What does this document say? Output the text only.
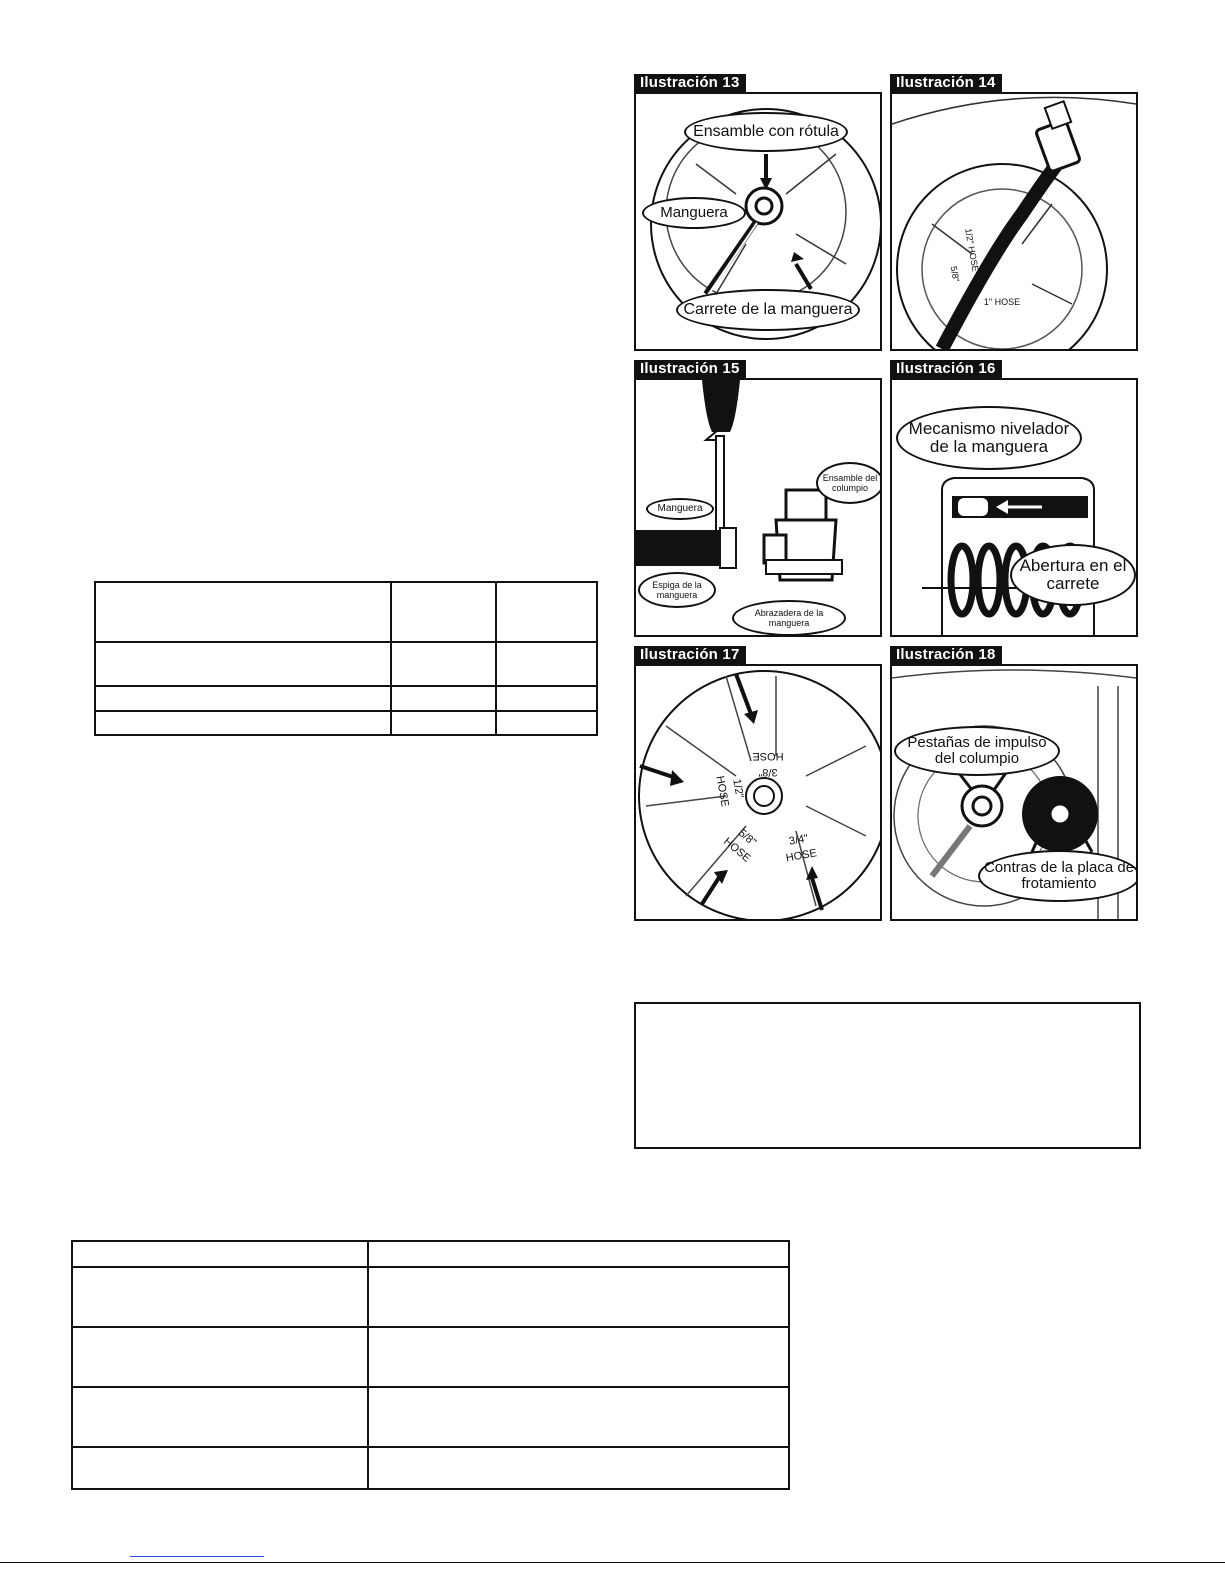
Ilustración 13
Ensamble con rótula
Manguera
Carrete de la manguera
Ilustración 14
1/2" HOSE
5/8"
1" HOSE
Ilustración 15
Manguera
Ensamble del columpio
Espiga de la manguera
Abrazadera de la manguera
Ilustración 16
Mecanismo nivelador de la manguera
Abertura en el carrete
Ilustración 17
3/8" HOSE
1/2" HOSE
5/8" HOSE	3/4" HOSE
Ilustración 18
Pestañas de impulso del columpio
Contras de la placa de frotamiento
